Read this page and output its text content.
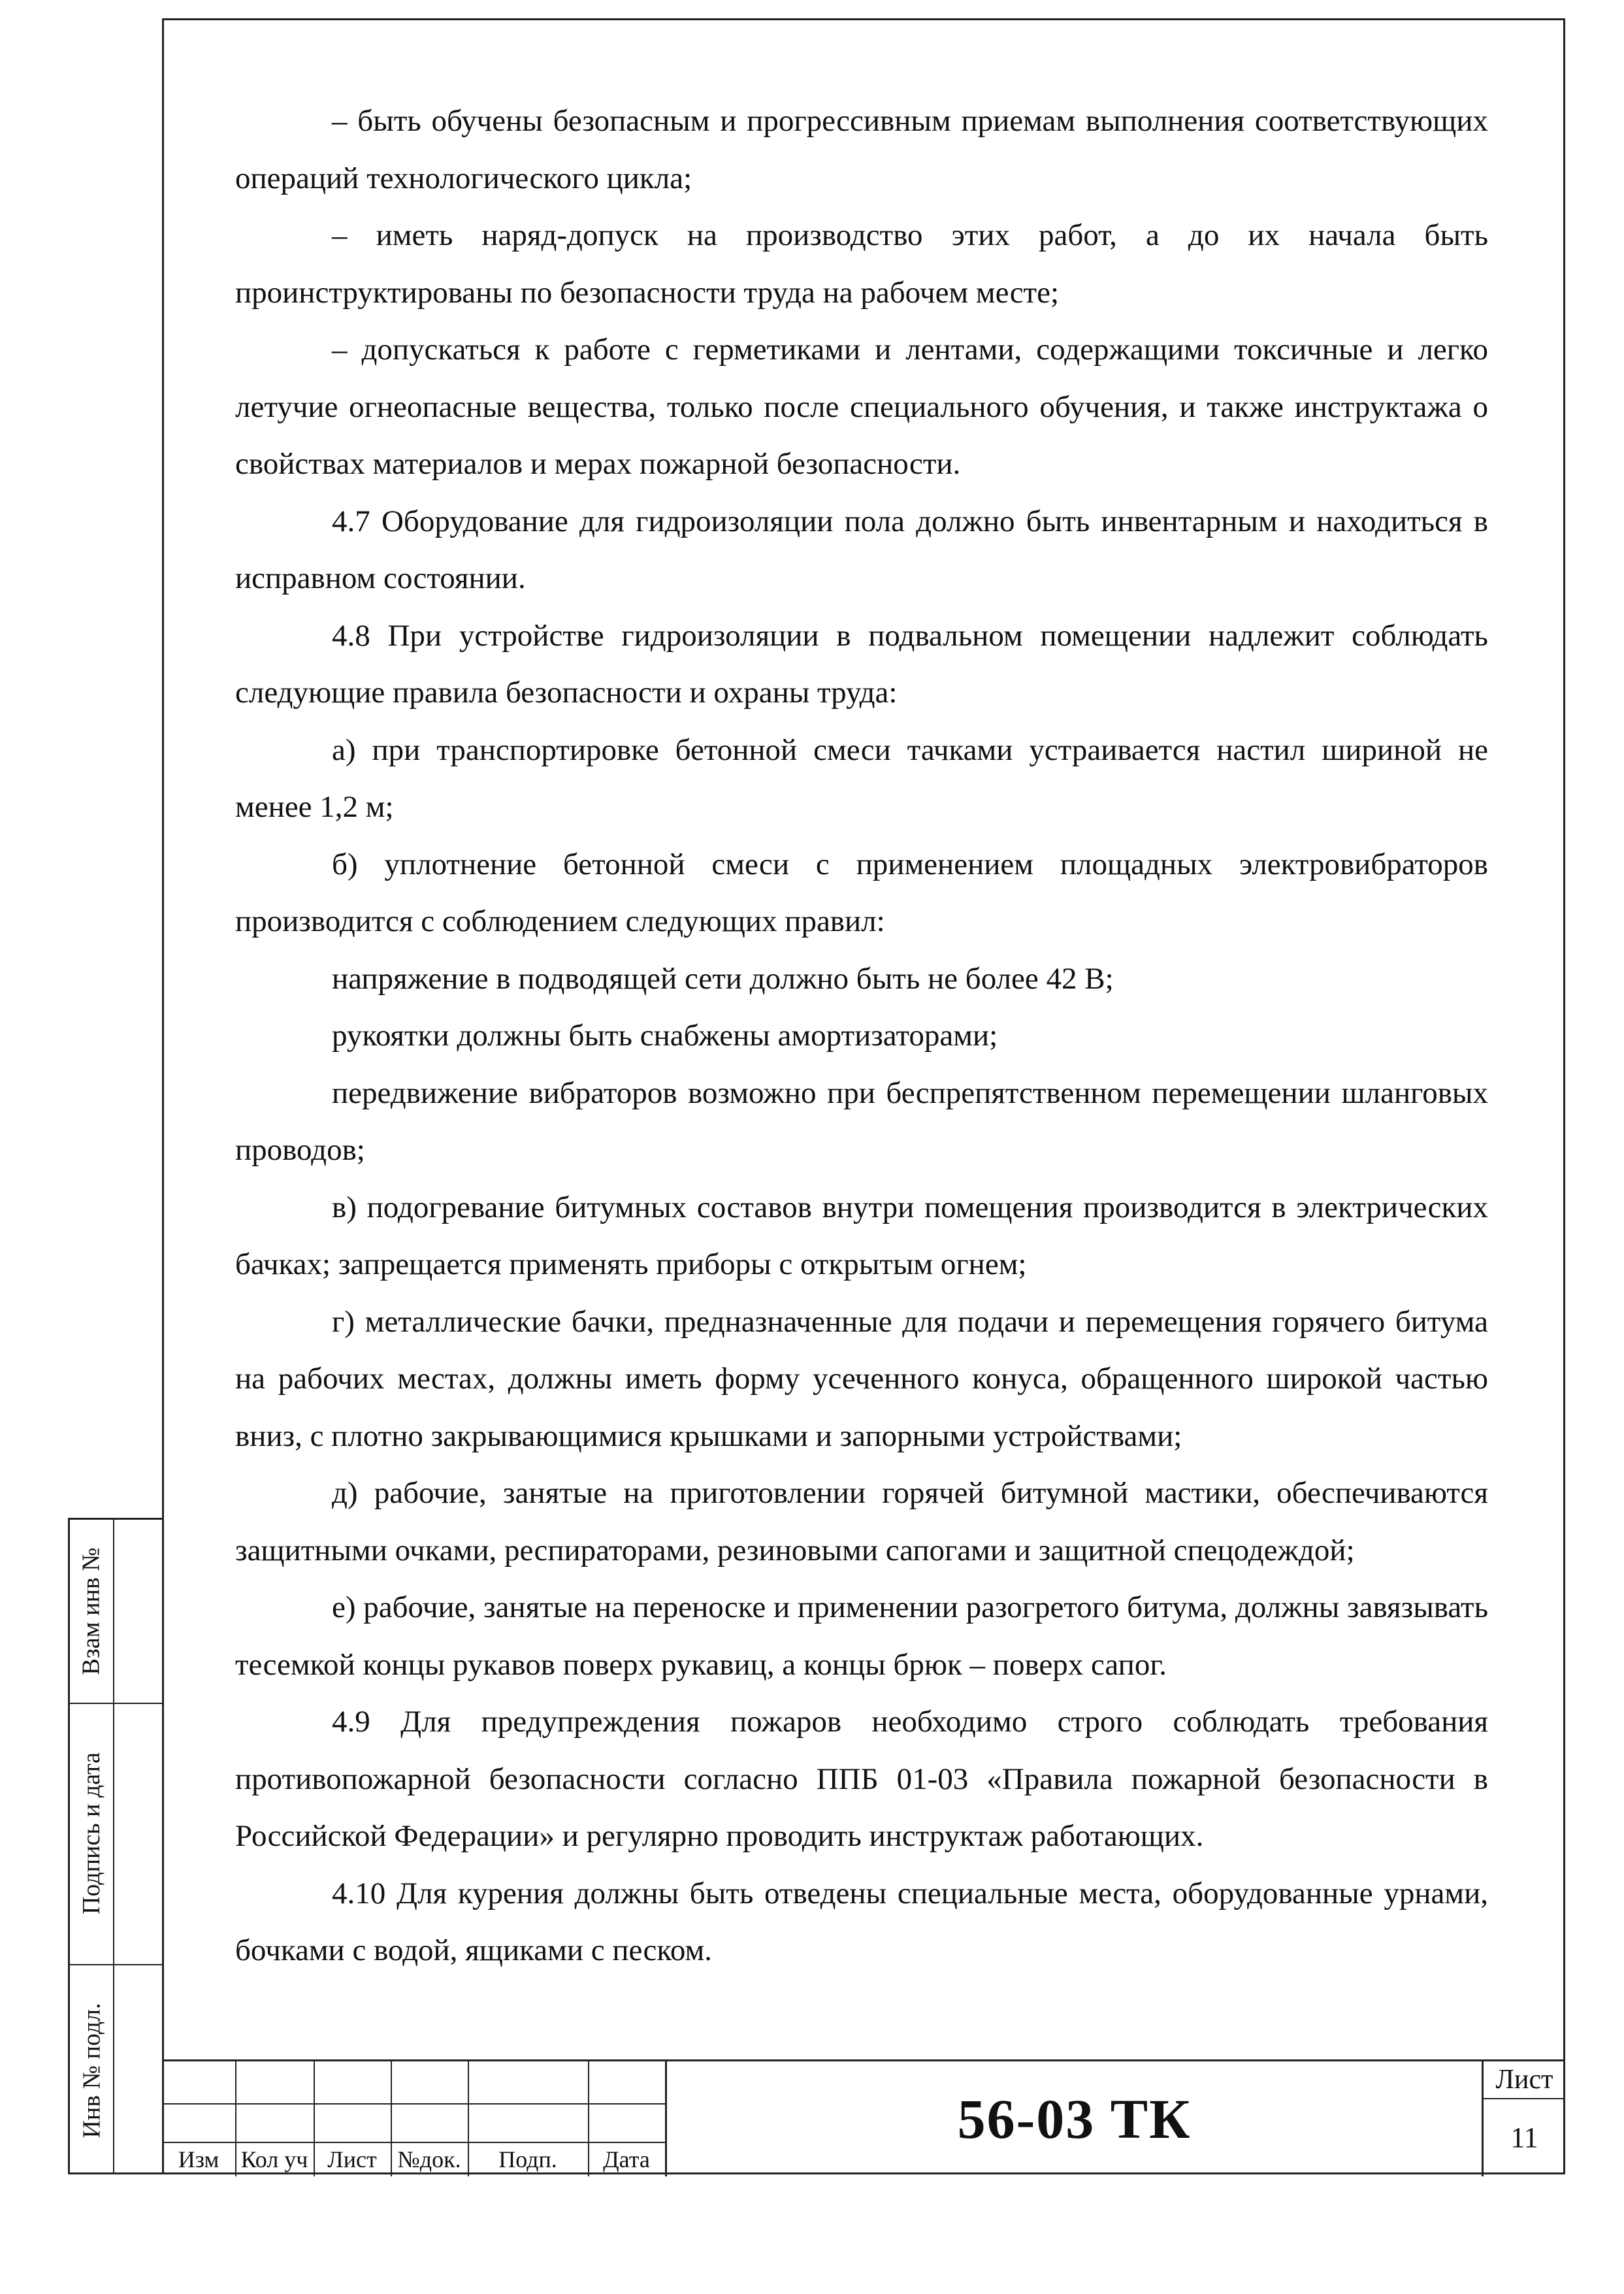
– быть обучены безопасным и прогрессивным приемам выполнения соответствующих операций технологического цикла;

– иметь наряд-допуск на производство этих работ, а до их начала быть проинструктированы по безопасности труда на рабочем месте;

– допускаться к работе с герметиками и лентами, содержащими токсичные и легко летучие огнеопасные вещества, только после специального обучения, и также инструктажа о свойствах материалов и мерах пожарной безопасности.

4.7 Оборудование для гидроизоляции пола должно быть инвентарным и находиться в исправном состоянии.

4.8 При устройстве гидроизоляции в подвальном помещении надлежит соблюдать следующие правила безопасности и охраны труда:

а) при транспортировке бетонной смеси тачками устраивается настил шириной не менее 1,2 м;

б) уплотнение бетонной смеси с применением площадных электровибраторов производится с соблюдением следующих правил:

напряжение в подводящей сети должно быть не более 42 В;

рукоятки должны быть снабжены амортизаторами;

передвижение вибраторов возможно при беспрепятственном перемещении шланговых проводов;

в) подогревание битумных составов внутри помещения производится в электрических бачках; запрещается применять приборы с открытым огнем;

г) металлические бачки, предназначенные для подачи и перемещения горячего битума на рабочих местах, должны иметь форму усеченного конуса, обращенного широкой частью вниз, с плотно закрывающимися крышками и запорными устройствами;

д) рабочие, занятые на приготовлении горячей битумной мастики, обеспечиваются защитными очками, респираторами, резиновыми сапогами и защитной спецодеждой;

е) рабочие, занятые на переноске и применении разогретого битума, должны завязывать тесемкой концы рукавов поверх рукавиц, а концы брюк – поверх сапог.

4.9 Для предупреждения пожаров необходимо строго соблюдать требования противопожарной безопасности согласно ППБ 01-03 «Правила пожарной безопасности в Российской Федерации» и регулярно проводить инструктаж работающих.

4.10 Для курения должны быть отведены специальные места, оборудованные урнами, бочками с водой, ящиками с песком.

Взам инв №
Подпись и дата
Инв № подл.
Изм Кол уч Лист №док.	Подп.	Дата
56-03 ТК
Лист
11
